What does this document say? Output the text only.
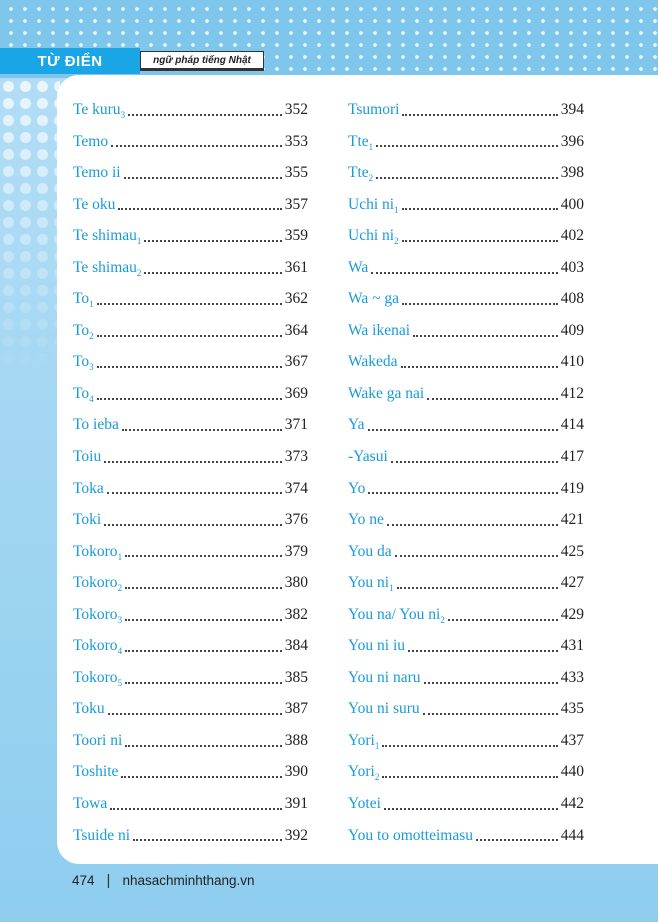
TỪ ĐIỂN	ngữ pháp tiếng Nhật
Te kuru$_3$	352
Temo	353
Temo ii	355
Te oku	357
Te shimau$_1$	359
Te shimau$_2$	361
$To_1$	362
$To_2$	364
$To_3$	367
$To_4$	369
To ieba	371
Toiu	373
Toka	374
Toki	376
Tokoro$_1$	379
Tokoro$_2$	380
Tokoro$_3$	382
Tokoro$_4$	384
Tokoro$_5$	385
Toku	387
Toori ni	388
Toshite	390
Towa	391
Tsuide ni	392
Tsumori	394
Tte$_1$	396
Tte$_2$	398
Uchi $ni_1$	400
Uchi $ni_2$	402
Wa	403
Wa ~ ga	408
Wa ikenai	409
Wakeda	410
Wake ga nai	412
Ya	414
-Yasui	417
Yo	419
Yo ne	421
You da	425
You $ni_1$	427
You na/ You $ni_2$	429
You ni iu	431
You ni naru	433
You ni suru	435
Yori$_1$	437
Yori$_2$	440
Yotei	442
You to omotteimasu	444
474 | nhasachminhthang.vn
